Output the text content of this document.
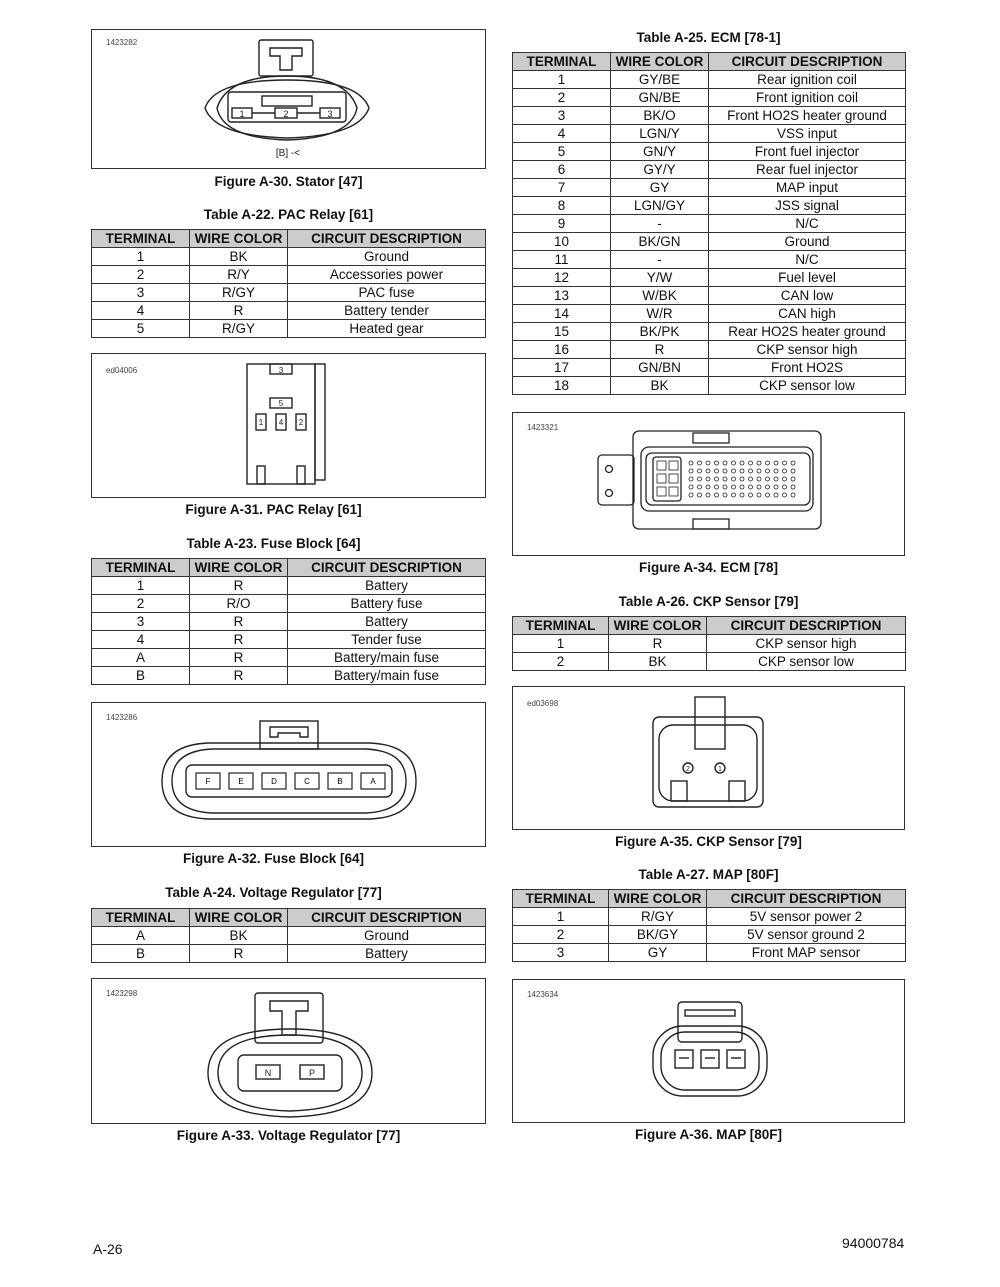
1423282
1	2	3
[B] -<
Figure A-30. Stator [47]
Table A-22. PAC Relay [61]
TERMINAL	WIRE COLOR	CIRCUIT DESCRIPTION
1	BK	Ground
2	R/Y	Accessories power
3	R/GY	PAC fuse
4	R	Battery tender
5	R/GY	Heated gear
ed04006	3
5
1 4 2
Figure A-31. PAC Relay [61]
Table A-23. Fuse Block [64]
TERMINAL	WIRE COLOR	CIRCUIT DESCRIPTION
1	R	Battery
2	R/O	Battery fuse
3	R	Battery
4	R	Tender fuse
A	R	Battery/main fuse
B	R	Battery/main fuse
1423286
F	E	D	C	B	A
Figure A-32. Fuse Block [64]
Table A-24. Voltage Regulator [77]
TERMINAL	WIRE COLOR	CIRCUIT DESCRIPTION
A	BK	Ground
B	R	Battery
1423298
N	P
Figure A-33. Voltage Regulator [77]
Table A-25. ECM [78-1]
TERMINAL	WIRE COLOR	CIRCUIT DESCRIPTION
1	GY/BE	Rear ignition coil
2	GN/BE	Front ignition coil
3	BK/O	Front HO2S heater ground
4	LGN/Y	VSS input
5	GN/Y	Front fuel injector
6	GY/Y	Rear fuel injector
7	GY	MAP input
8	LGN/GY	JSS signal
9	-	N/C
10	BK/GN	Ground
11	-	N/C
12	Y/W	Fuel level
13	W/BK	CAN low
14	W/R	CAN high
15	BK/PK	Rear HO2S heater ground
16	R	CKP sensor high
17	GN/BN	Front HO2S
18	BK	CKP sensor low
1423321
Figure A-34. ECM [78]
Table A-26. CKP Sensor [79]
TERMINAL	WIRE COLOR	CIRCUIT DESCRIPTION
1	R	CKP sensor high
2	BK	CKP sensor low
ed03698
2	1
Figure A-35. CKP Sensor [79]
Table A-27. MAP [80F]
TERMINAL	WIRE COLOR	CIRCUIT DESCRIPTION
1	R/GY	5V sensor power 2
2	BK/GY	5V sensor ground 2
3	GY	Front MAP sensor
1423634
Figure A-36. MAP [80F]
A-26	94000784
